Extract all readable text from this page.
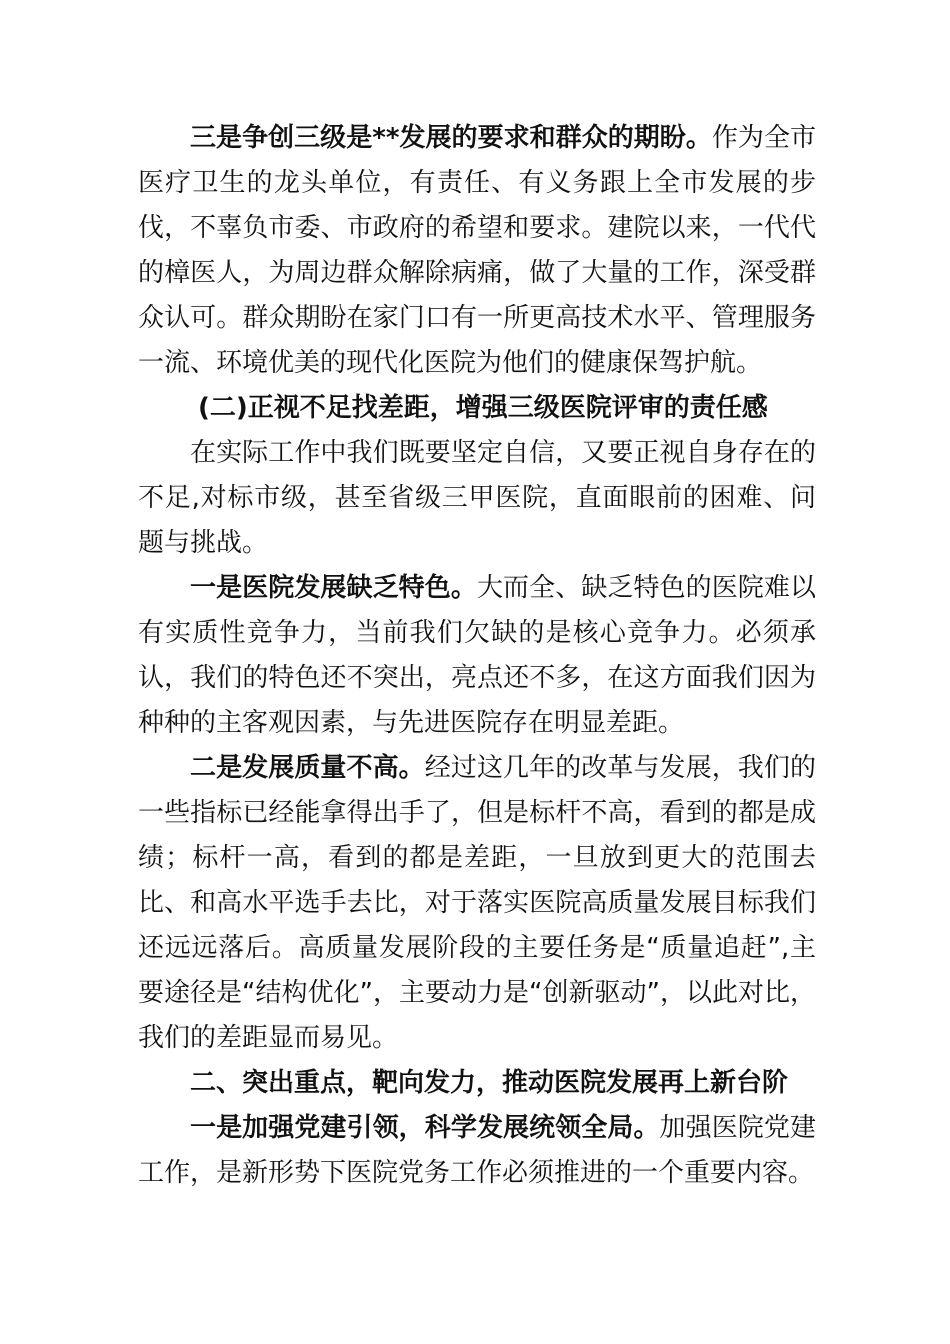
三是争创三级是**发展的要求和群众的期盼。作为全市医疗卫生的龙头单位，有责任、有义务跟上全市发展的步伐，不辜负市委、市政府的希望和要求。建院以来，一代代的樟医人，为周边群众解除病痛，做了大量的工作，深受群众认可。群众期盼在家门口有一所更高技术水平、管理服务一流、环境优美的现代化医院为他们的健康保驾护航。

(二)正视不足找差距，增强三级医院评审的责任感

在实际工作中我们既要坚定自信，又要正视自身存在的不足,对标市级，甚至省级三甲医院，直面眼前的困难、问题与挑战。

一是医院发展缺乏特色。大而全、缺乏特色的医院难以有实质性竞争力，当前我们欠缺的是核心竞争力。必须承认，我们的特色还不突出，亮点还不多，在这方面我们因为种种的主客观因素，与先进医院存在明显差距。

二是发展质量不高。经过这几年的改革与发展，我们的一些指标已经能拿得出手了，但是标杆不高，看到的都是成绩；标杆一高，看到的都是差距，一旦放到更大的范围去比、和高水平选手去比，对于落实医院高质量发展目标我们还远远落后。高质量发展阶段的主要任务是“质量追赶”,主要途径是“结构优化”，主要动力是“创新驱动”，以此对比，我们的差距显而易见。

二、突出重点，靶向发力，推动医院发展再上新台阶

一是加强党建引领，科学发展统领全局。加强医院党建工作，是新形势下医院党务工作必须推进的一个重要内容。
